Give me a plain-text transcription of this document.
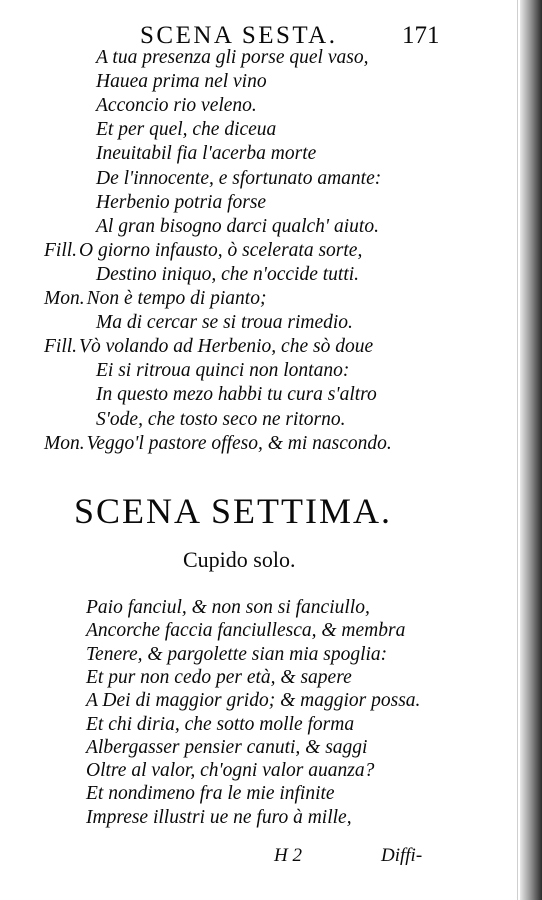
SCENA SESTA.	171
A tua presenza gli porse quel vaso,
Hauea prima nel vino
Acconcio rio veleno.
Et per quel, che diceua
Ineuitabil fia l'acerba morte
De l'innocente, e sfortunato amante:
Herbenio potria forse
Al gran bisogno darci qualch' aiuto.
Fill. O giorno infausto, ò scelerata sorte,
Destino iniquo, che n'occide tutti.
Mon. Non è tempo di pianto;
Ma di cercar se si troua rimedio.
Fill. Vò volando ad Herbenio, che sò doue
Ei si ritroua quinci non lontano:
In questo mezo habbi tu cura s'altro
S'ode, che tosto seco ne ritorno.
Mon. Veggo'l pastore offeso, & mi nascondo.
SCENA SETTIMA.
Cupido solo.
Paio fanciul, & non son si fanciullo,
Ancorche faccia fanciullesca, & membra
Tenere, & pargolette sian mia spoglia:
Et pur non cedo per età, & sapere
A Dei di maggior grido; & maggior possa.
Et chi diria, che sotto molle forma
Albergasser pensier canuti, & saggi
Oltre al valor, ch'ogni valor auanza?
Et nondimeno fra le mie infinite
Imprese illustri ue ne furo à mille,
H 2	Diffi-
